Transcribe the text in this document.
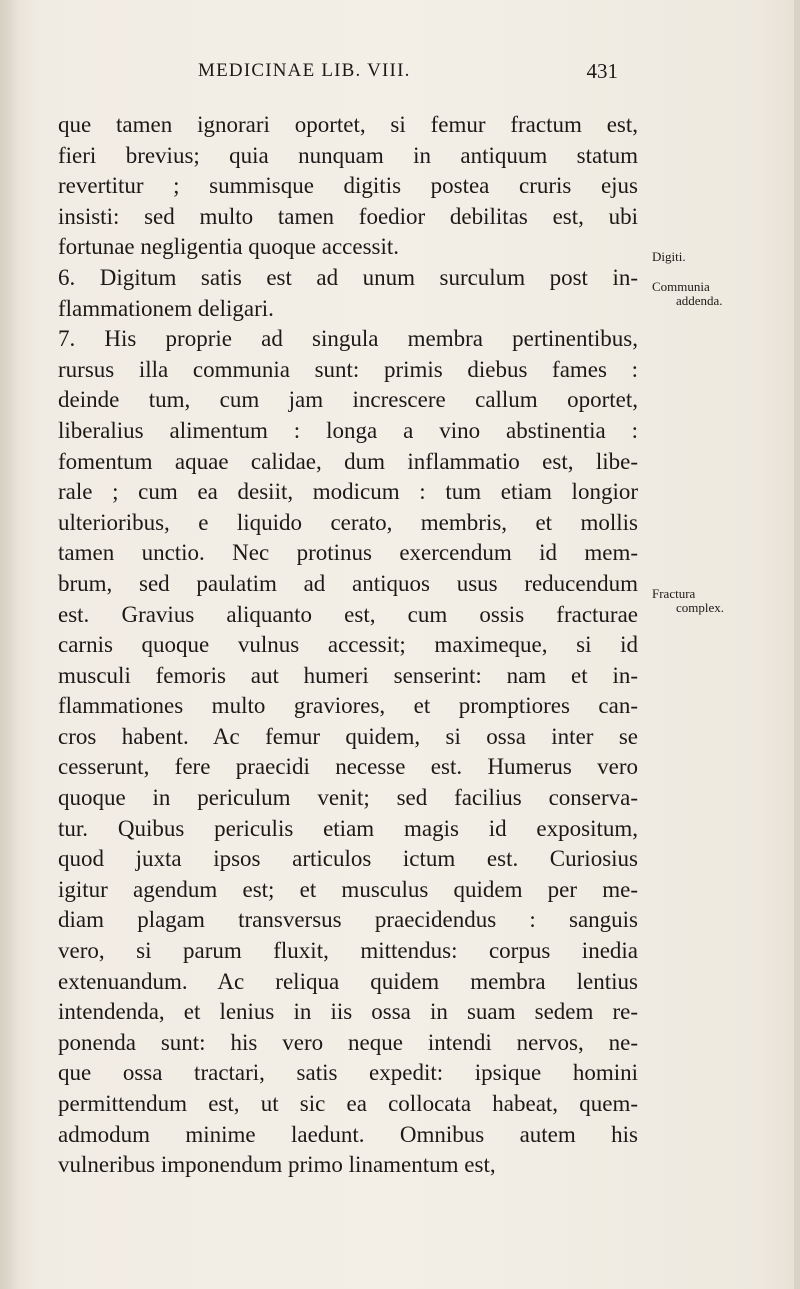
MEDICINAE LIB. VIII.	431
que tamen ignorari oportet, si femur fractum est,
fieri brevius; quia nunquam in antiquum statum
revertitur ; summisque digitis postea cruris ejus
insisti: sed multo tamen foedior debilitas est, ubi
fortunae negligentia quoque accessit.
6. Digitum satis est ad unum surculum post in-
flammationem deligari.
7. His proprie ad singula membra pertinentibus,
rursus illa communia sunt: primis diebus fames :
deinde tum, cum jam increscere callum oportet,
liberalius alimentum : longa a vino abstinentia :
fomentum aquae calidae, dum inflammatio est, libe-
rale ; cum ea desiit, modicum : tum etiam longior
ulterioribus, e liquido cerato, membris, et mollis
tamen unctio. Nec protinus exercendum id mem-
brum, sed paulatim ad antiquos usus reducendum
est. Gravius aliquanto est, cum ossis fracturae
carnis quoque vulnus accessit; maximeque, si id
musculi femoris aut humeri senserint: nam et in-
flammationes multo graviores, et promptiores can-
cros habent. Ac femur quidem, si ossa inter se
cesserunt, fere praecidi necesse est. Humerus vero
quoque in periculum venit; sed facilius conserva-
tur. Quibus periculis etiam magis id expositum,
quod juxta ipsos articulos ictum est. Curiosius
igitur agendum est; et musculus quidem per me-
diam plagam transversus praecidendus : sanguis
vero, si parum fluxit, mittendus: corpus inedia
extenuandum. Ac reliqua quidem membra lentius
intendenda, et lenius in iis ossa in suam sedem re-
ponenda sunt: his vero neque intendi nervos, ne-
que ossa tractari, satis expedit: ipsique homini
permittendum est, ut sic ea collocata habeat, quem-
admodum minime laedunt. Omnibus autem his
vulneribus imponendum primo linamentum est,
Digiti.
Communia
addenda.
Fractura
complex.
